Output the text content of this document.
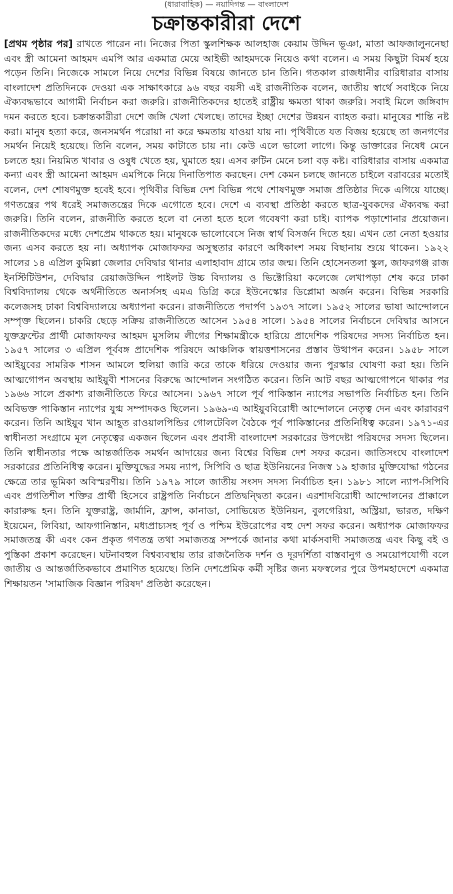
(ধারাবাহিক) — নয়াদিগন্ত — বাংলাদেশ
চক্রান্তকারীরা দেশে
[প্রথম পৃষ্ঠার পর] রাখতে পারেন না। নিজের পিতা স্কুলশিক্ষক আলহাজ কেয়াম উদ্দিন ভূঞা, মাতা আফজালুননেছা এবং স্ত্রী আমেনা আহমদ এমপি আর একমাত্র মেয়ে আইভী আহমদকে নিয়েও কথা বলেন। এ সময় কিছুটা বিমর্ষ হয়ে পড়েন তিনি। নিজেকে সামলে নিয়ে দেশের বিভিন্ন বিষয়ে জানতে চান তিনি। গতকাল রাজধানীর বারিধারার বাসায় বাংলাদেশ প্রতিদিনকে দেওয়া এক সাক্ষাৎকারে ৯৬ বছর বয়সী এই রাজনীতিক বলেন, জাতীয় স্বার্থে সবাইকে নিয়ে ঐক্যবদ্ধভাবে আগামী নির্বাচন করা জরুরি। রাজনীতিকদের হাতেই রাষ্ট্রীয় ক্ষমতা থাকা জরুরি। সবাই মিলে জঙ্গিবাদ দমন করতে হবে। চক্রান্তকারীরা দেশে জঙ্গি খেলা খেলছে। তাদের ইচ্ছা দেশের উন্নয়ন ব্যাহত করা। মানুষের শান্তি নষ্ট করা। মানুষ হত্যা করে, জনসমর্থন পরোয়া না করে ক্ষমতায় যাওয়া যায় না। পৃথিবীতে যত বিজয় হয়েছে তা জনগণের সমর্থন নিয়েই হয়েছে। তিনি বলেন, সময় কাটাতে চায় না। কেউ এলে ভালো লাগে। কিন্তু ডাক্তারের নিষেধ মেনে চলতে হয়। নিয়মিত খাবার ও ওষুধ খেতে হয়, ঘুমাতে হয়। এসব রুটিন মেনে চলা বড় কষ্ট। বারিধারার বাসায় একমাত্র কন্যা এবং স্ত্রী আমেনা আহমদ এমপিকে নিয়ে দিনাতিপাত করছেন। দেশ কেমন চলছে জানতে চাইলে বরাবরের মতোই বলেন, দেশ শোষণমুক্ত হবেই হবে। পৃথিবীর বিভিন্ন দেশ বিভিন্ন পথে শোষণমুক্ত সমাজ প্রতিষ্ঠার দিকে এগিয়ে যাচ্ছে। গণতন্ত্রের পথ ধরেই সমাজতন্ত্রের দিকে এগোতে হবে। দেশে এ ব্যবস্থা প্রতিষ্ঠা করতে ছাত্র-যুবকদের ঐক্যবদ্ধ করা জরুরি। তিনি বলেন, রাজনীতি করতে হলে বা নেতা হতে হলে গবেষণা করা চাই। ব্যাপক পড়াশোনার প্রয়োজন। রাজনীতিকদের মধ্যে দেশপ্রেম থাকতে হয়। মানুষকে ভালোবেসে নিজ স্বার্থ বিসর্জন দিতে হয়। এখন তো নেতা হওয়ার জন্য এসব করতে হয় না। অধ্যাপক মোজাফফর অসুস্থতার কারণে অধিকাংশ সময় বিছানায় শুয়ে থাকেন। ১৯২২ সালের ১৪ এপ্রিল কুমিল্লা জেলার দেবিদ্বার থানার এলাহাবাদ গ্রামে তার জন্ম। তিনি হোসেনতলা স্কুল, জাফরগঞ্জ রাজ ইনস্টিটিউশন, দেবিদ্বার রেয়াজউদ্দিন পাইলট উচ্চ বিদ্যালয় ও ভিক্টোরিয়া কলেজে লেখাপড়া শেষ করে ঢাকা বিশ্ববিদ্যালয় থেকে অর্থনীতিতে অনার্সসহ এমএ ডিগ্রি করে ইউনেস্কোর ডিপ্লোমা অর্জন করেন। বিভিন্ন সরকারি কলেজসহ ঢাকা বিশ্ববিদ্যালয়ে অধ্যাপনা করেন। রাজনীতিতে পদার্পণ ১৯৩৭ সালে। ১৯৫২ সালের ভাষা আন্দোলনে সম্পৃক্ত ছিলেন। চাকরি ছেড়ে সক্রিয় রাজনীতিতে আসেন ১৯৫৪ সালে। ১৯৫৪ সালের নির্বাচনে দেবিদ্বার আসনে যুক্তফ্রন্টের প্রার্থী মোজাফফর আহমদ মুসলিম লীগের শিক্ষামন্ত্রীকে হারিয়ে প্রাদেশিক পরিষদের সদস্য নির্বাচিত হন। ১৯৫৭ সালের ৩ এপ্রিল পূর্ববঙ্গ প্রাদেশিক পরিষদে আঞ্চলিক স্বায়ত্তশাসনের প্রস্তাব উত্থাপন করেন। ১৯৫৮ সালে আইয়ুবের সামরিক শাসন আমলে হুলিয়া জারি করে তাকে ধরিয়ে দেওয়ার জন্য পুরস্কার ঘোষণা করা হয়। তিনি আত্মগোপন অবস্থায় আইয়ুবী শাসনের বিরুদ্ধে আন্দোলন সংগঠিত করেন। তিনি আট বছর আত্মগোপনে থাকার পর ১৯৬৬ সালে প্রকাশ্য রাজনীতিতে ফিরে আসেন। ১৯৬৭ সালে পূর্ব পাকিস্তান ন্যাপের সভাপতি নির্বাচিত হন। তিনি অবিভক্ত পাকিস্তান ন্যাপের যুগ্ম সম্পাদকও ছিলেন। ১৯৬৯-এ আইয়ুববিরোধী আন্দোলনে নেতৃত্ব দেন এবং কারাবরণ করেন। তিনি আইয়ুব খান আহূত রাওয়ালপিন্ডির গোলটেবিল বৈঠকে পূর্ব পাকিস্তানের প্রতিনিধিত্ব করেন। ১৯৭১-এর স্বাধীনতা সংগ্রামে মূল নেতৃত্বের একজন ছিলেন এবং প্রবাসী বাংলাদেশ সরকারের উপদেষ্টা পরিষদের সদস্য ছিলেন। তিনি স্বাধীনতার পক্ষে আন্তর্জাতিক সমর্থন আদায়ের জন্য বিশ্বের বিভিন্ন দেশ সফর করেন। জাতিসংঘে বাংলাদেশ সরকারের প্রতিনিধিত্ব করেন। মুক্তিযুদ্ধের সময় ন্যাপ, সিপিবি ও ছাত্র ইউনিয়নের নিজস্ব ১৯ হাজার মুক্তিযোদ্ধা গঠনের ক্ষেত্রে তার ভূমিকা অবিস্মরণীয়। তিনি ১৯৭৯ সালে জাতীয় সংসদ সদস্য নির্বাচিত হন। ১৯৮১ সালে ন্যাপ-সিপিবি এবং প্রগতিশীল শক্তির প্রার্থী হিসেবে রাষ্ট্রপতি নির্বাচনে প্রতিদ্বন্দ্বিতা করেন। এরশাদবিরোধী আন্দোলনের প্রাক্কালে কারারুদ্ধ হন। তিনি যুক্তরাষ্ট্র, জার্মানি, ফ্রান্স, কানাডা, সোভিয়েত ইউনিয়ন, বুলগেরিয়া, অস্ট্রিয়া, ভারত, দক্ষিণ ইয়েমেন, লিবিয়া, আফগানিস্তান, মধ্যপ্রাচ্যসহ পূর্ব ও পশ্চিম ইউরোপের বহু দেশ সফর করেন। অধ্যাপক মোজাফফর সমাজতন্ত্র কী এবং কেন প্রকৃত গণতন্ত্র তথা সমাজতন্ত্র সম্পর্কে জানার কথা মার্কসবাদী সমাজতন্ত্র এবং কিছু বই ও পুস্তিকা প্রকাশ করেছেন। ঘটনাবহুল বিশ্বব্যবস্থায় তার রাজনৈতিক দর্শন ও দূরদর্শিতা বাস্তবানুগ ও সময়োপযোগী বলে জাতীয় ও আন্তর্জাতিকভাবে প্রমাণিত হয়েছে। তিনি দেশপ্রেমিক কর্মী সৃষ্টির জন্য মফস্বলের পুরে উপমহাদেশে একমাত্র শিক্ষায়তন 'সামাজিক বিজ্ঞান পরিষদ' প্রতিষ্ঠা করেছেন।
